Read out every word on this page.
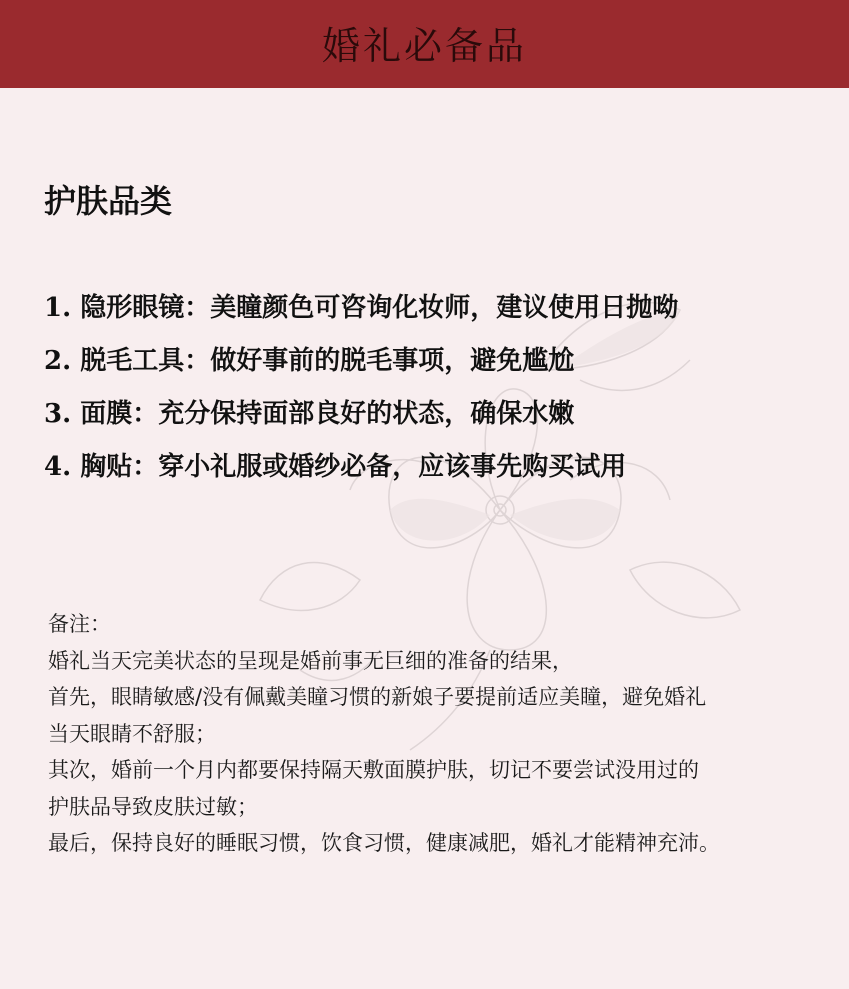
婚礼必备品
护肤品类
1. 隐形眼镜：美瞳颜色可咨询化妆师，建议使用日抛呦
2. 脱毛工具：做好事前的脱毛事项，避免尴尬
3. 面膜：充分保持面部良好的状态，确保水嫩
4. 胸贴：穿小礼服或婚纱必备，应该事先购买试用
备注：
婚礼当天完美状态的呈现是婚前事无巨细的准备的结果，
首先，眼睛敏感/没有佩戴美瞳习惯的新娘子要提前适应美瞳，避免婚礼
当天眼睛不舒服；
其次，婚前一个月内都要保持隔天敷面膜护肤，切记不要尝试没用过的
护肤品导致皮肤过敏；
最后，保持良好的睡眠习惯，饮食习惯，健康减肥，婚礼才能精神充沛。
